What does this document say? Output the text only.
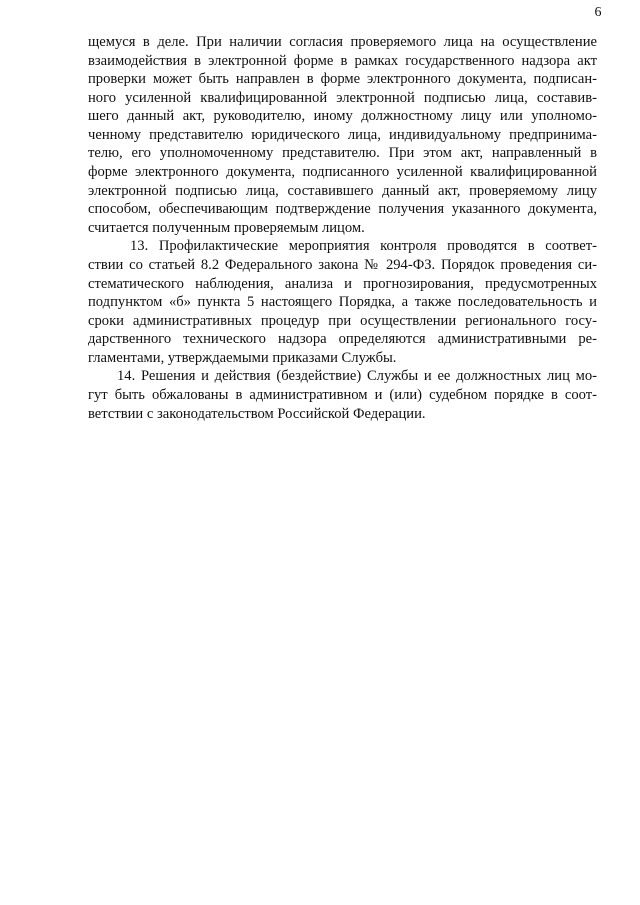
6
щемуся в деле. При наличии согласия проверяемого лица на осуществление
взаимодействия в электронной форме в рамках государственного надзора акт
проверки может быть направлен в форме электронного документа, подписан-
ного усиленной квалифицированной электронной подписью лица, составив-
шего данный акт, руководителю, иному должностному лицу или уполномо-
ченному представителю юридического лица, индивидуальному предпринима-
телю, его уполномоченному представителю. При этом акт, направленный в
форме электронного документа, подписанного усиленной квалифицированной
электронной подписью лица, составившего данный акт, проверяемому лицу
способом, обеспечивающим подтверждение получения указанного документа,
считается полученным проверяемым лицом.
13. Профилактические мероприятия контроля проводятся в соответ-
ствии со статьей 8.2 Федерального закона № 294-ФЗ. Порядок проведения си-
стематического наблюдения, анализа и прогнозирования, предусмотренных
подпунктом «б» пункта 5 настоящего Порядка, а также последовательность и
сроки административных процедур при осуществлении регионального госу-
дарственного технического надзора определяются административными ре-
гламентами, утверждаемыми приказами Службы.
14. Решения и действия (бездействие) Службы и ее должностных лиц мо-
гут быть обжалованы в административном и (или) судебном порядке в соот-
ветствии с законодательством Российской Федерации.
